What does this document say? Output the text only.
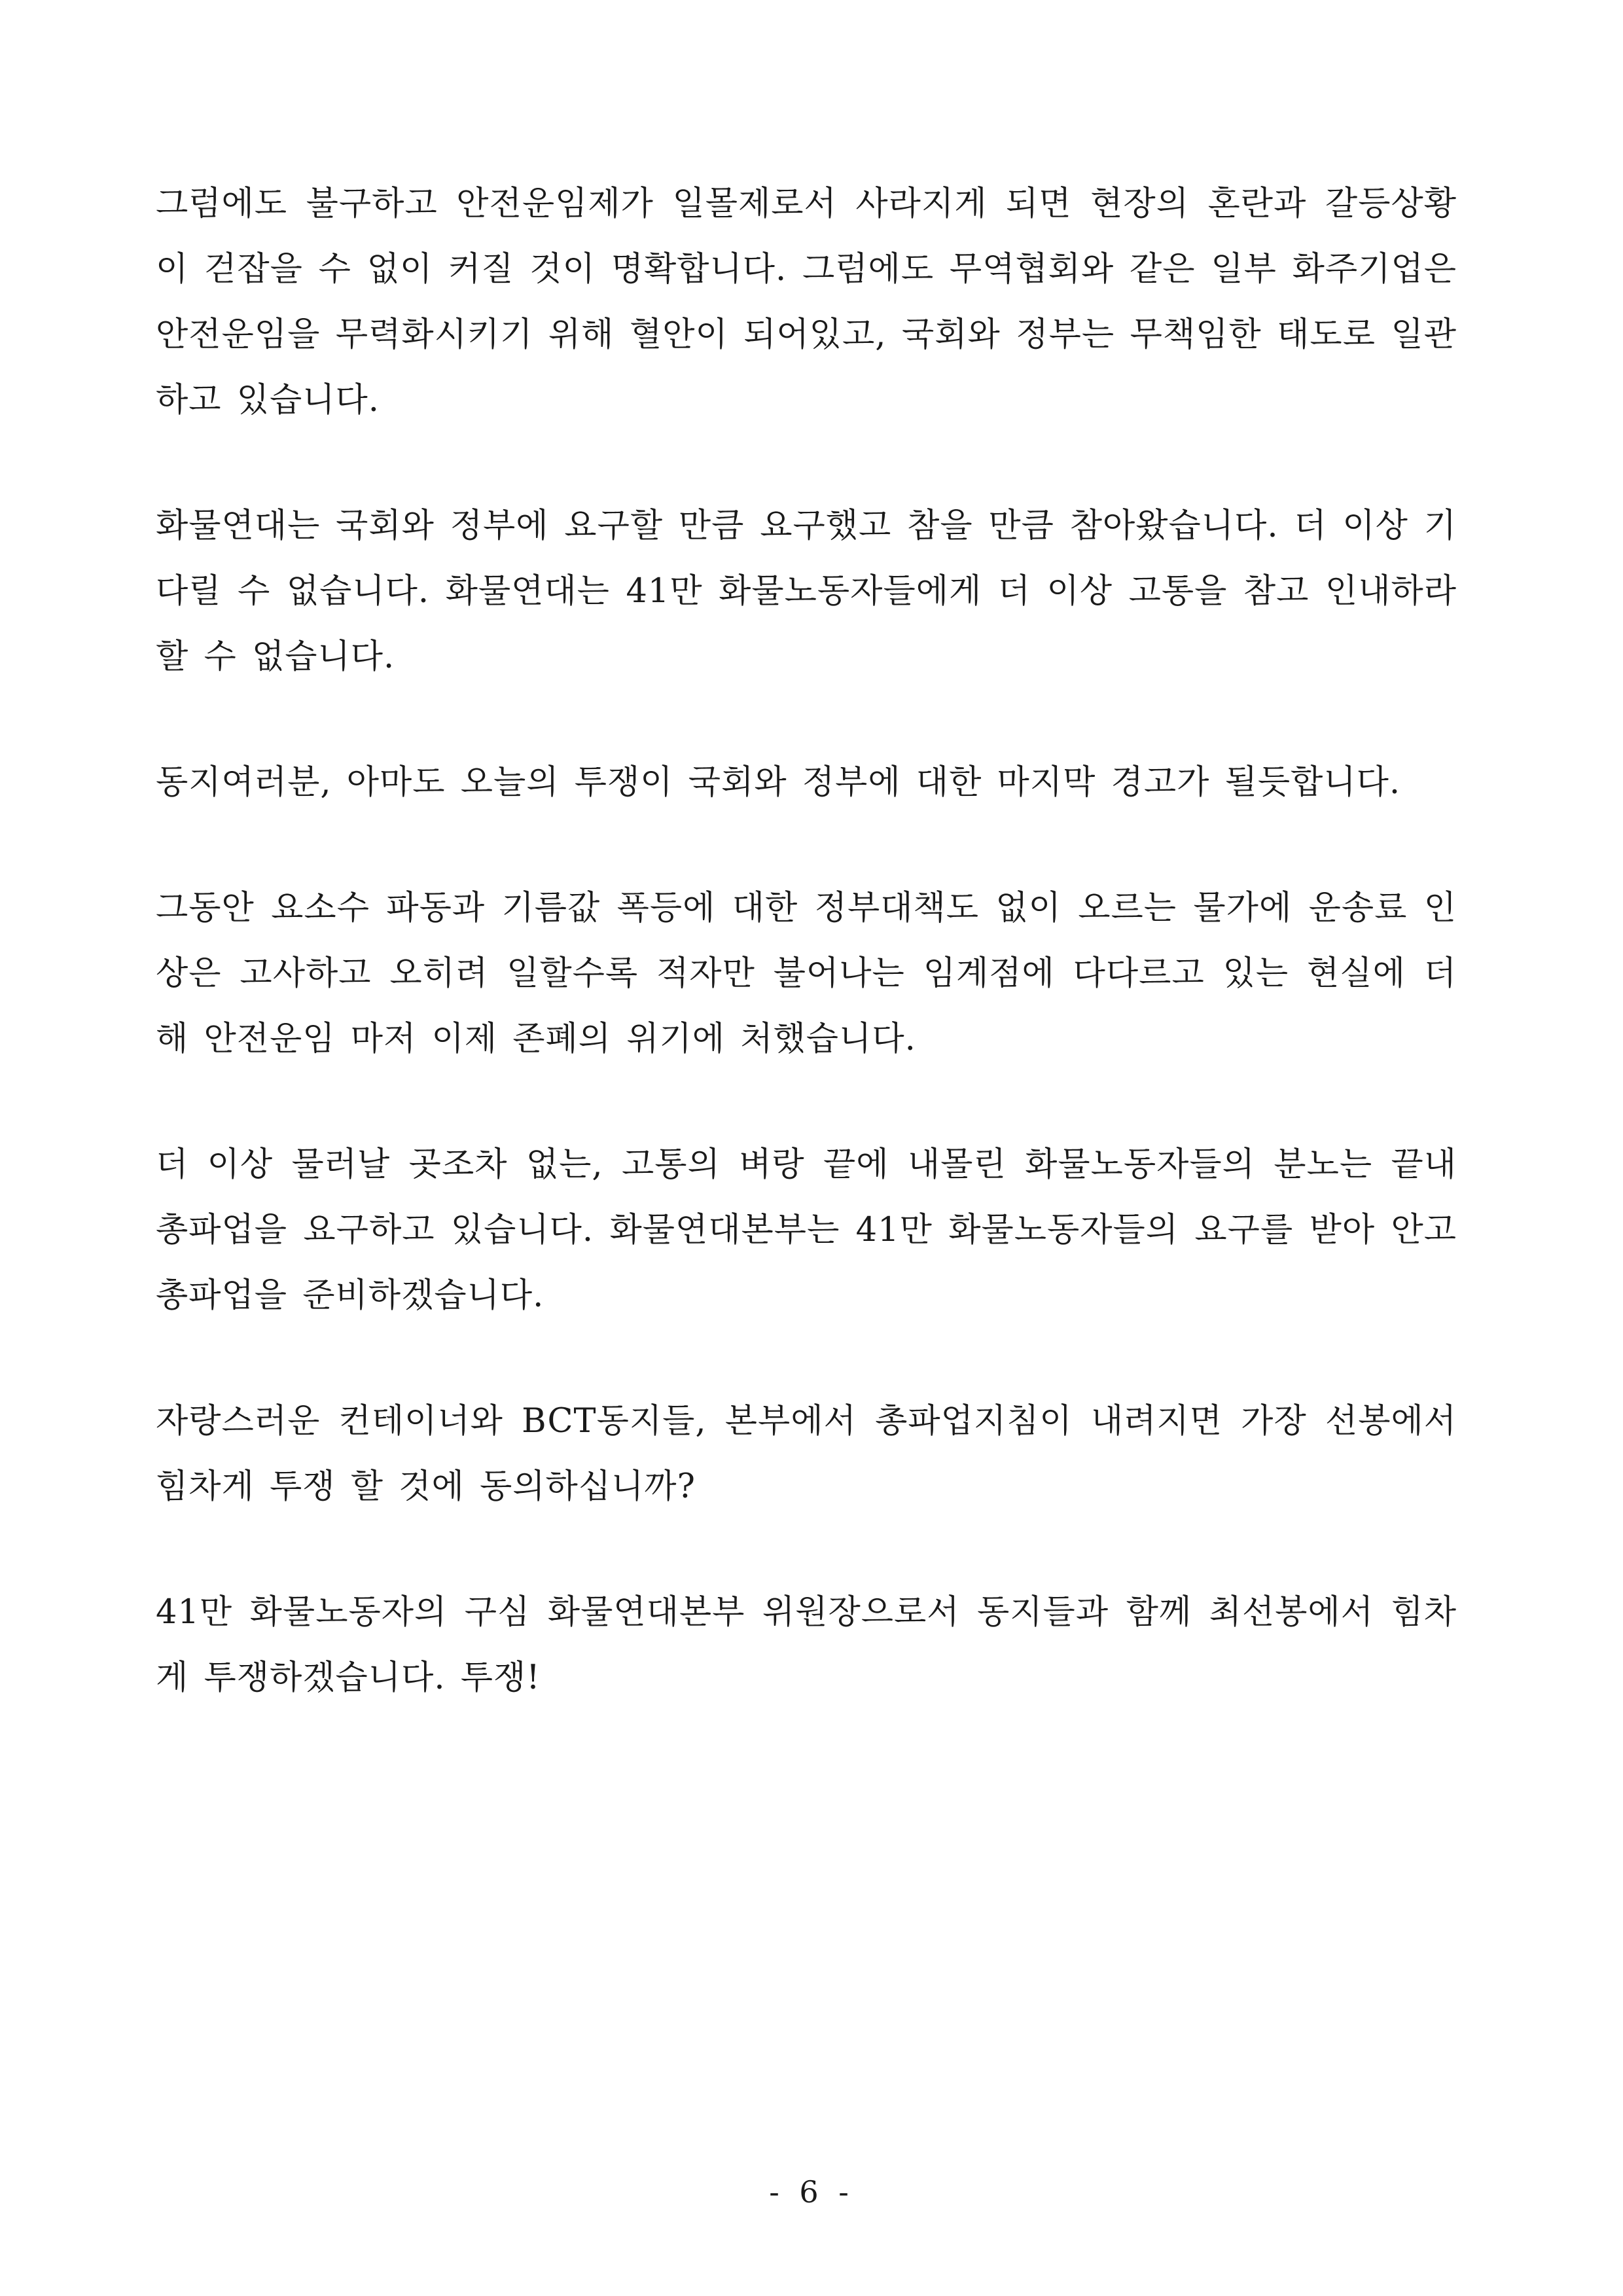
그럼에도 불구하고 안전운임제가 일몰제로서 사라지게 되면 현장의 혼란과 갈등상황이 걷잡을 수 없이 커질 것이 명확합니다. 그럼에도 무역협회와 같은 일부 화주기업은 안전운임을 무력화시키기 위해 혈안이 되어있고, 국회와 정부는 무책임한 태도로 일관하고 있습니다.

화물연대는 국회와 정부에 요구할 만큼 요구했고 참을 만큼 참아왔습니다. 더 이상 기다릴 수 없습니다. 화물연대는 41만 화물노동자들에게 더 이상 고통을 참고 인내하라 할 수 없습니다.

동지여러분, 아마도 오늘의 투쟁이 국회와 정부에 대한 마지막 경고가 될듯합니다.

그동안 요소수 파동과 기름값 폭등에 대한 정부대책도 없이 오르는 물가에 운송료 인상은 고사하고 오히려 일할수록 적자만 불어나는 임계점에 다다르고 있는 현실에 더해 안전운임 마저 이제 존폐의 위기에 처했습니다.

더 이상 물러날 곳조차 없는, 고통의 벼랑 끝에 내몰린 화물노동자들의 분노는 끝내 총파업을 요구하고 있습니다. 화물연대본부는 41만 화물노동자들의 요구를 받아 안고 총파업을 준비하겠습니다.

자랑스러운 컨테이너와 BCT동지들, 본부에서 총파업지침이 내려지면 가장 선봉에서 힘차게 투쟁 할 것에 동의하십니까?

41만 화물노동자의 구심 화물연대본부 위원장으로서 동지들과 함께 최선봉에서 힘차게 투쟁하겠습니다. 투쟁!

- 6 -
